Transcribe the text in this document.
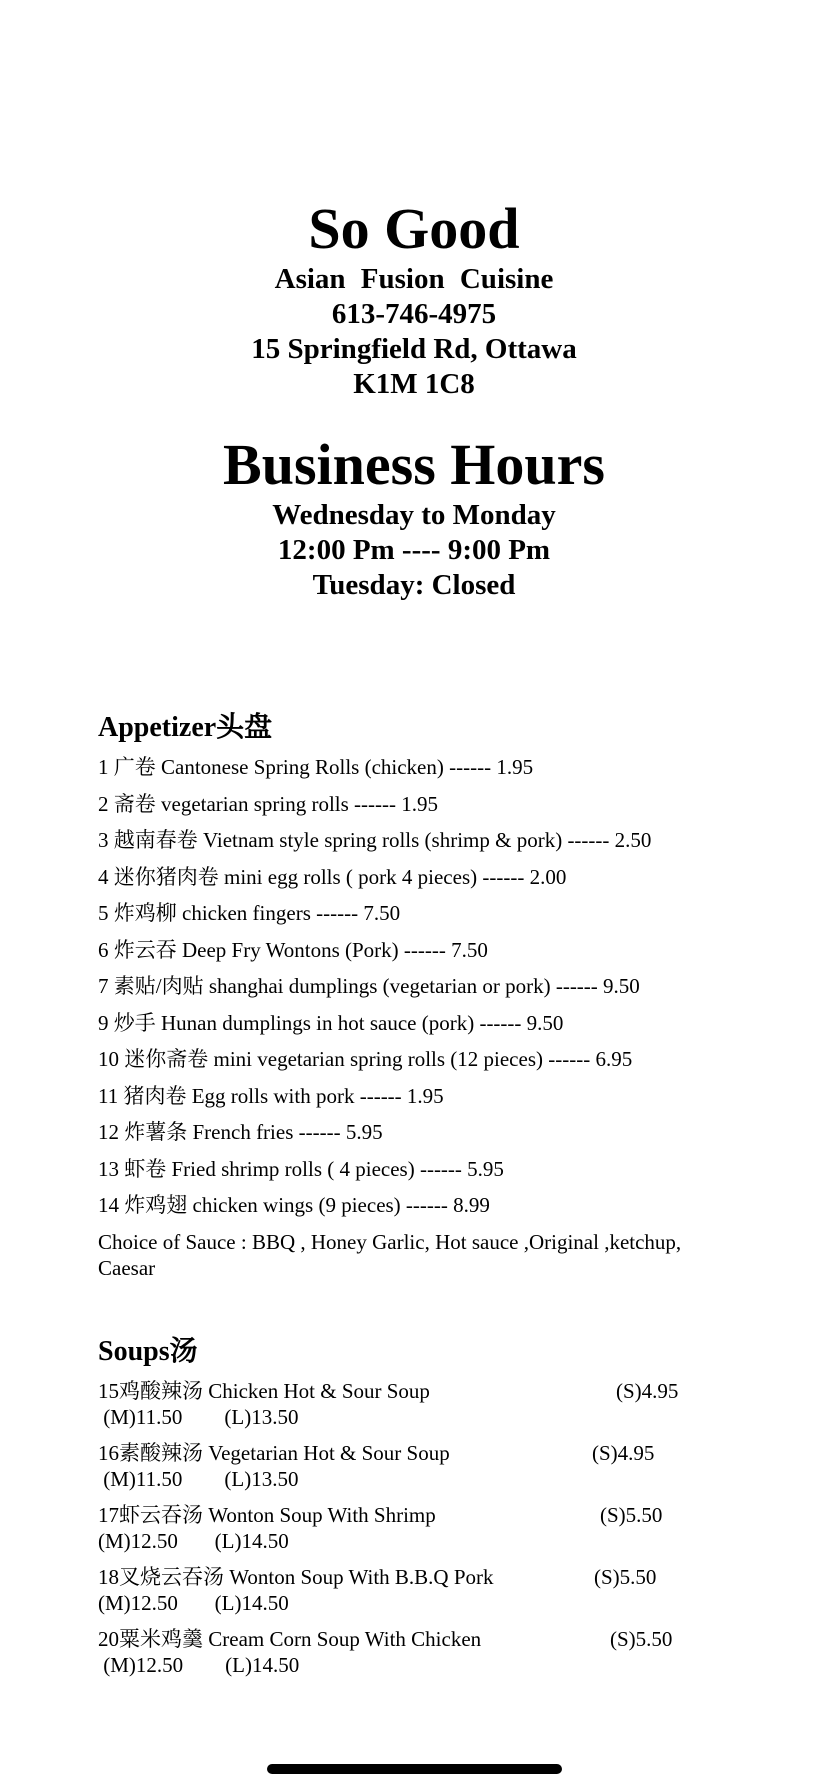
So Good
Asian Fusion Cuisine
613-746-4975
15 Springfield Rd, Ottawa
K1M 1C8
Business Hours
Wednesday to Monday
12:00 Pm ---- 9:00 Pm
Tuesday: Closed
Appetizer头盘
1 广卷 Cantonese Spring Rolls (chicken) ------ 1.95
2 斋卷 vegetarian spring rolls ------ 1.95
3 越南春卷 Vietnam style spring rolls (shrimp & pork) ------ 2.50
4 迷你猪肉卷 mini egg rolls ( pork 4 pieces) ------ 2.00
5 炸鸡柳 chicken fingers ------ 7.50
6 炸云吞 Deep Fry Wontons (Pork) ------ 7.50
7 素贴/肉贴 shanghai dumplings (vegetarian or pork) ------ 9.50
9 炒手 Hunan dumplings in hot sauce (pork) ------ 9.50
10 迷你斋卷 mini vegetarian spring rolls (12 pieces) ------ 6.95
11 猪肉卷 Egg rolls with pork ------ 1.95
12 炸薯条 French fries ------ 5.95
13 虾卷 Fried shrimp rolls ( 4 pieces) ------ 5.95
14 炸鸡翅 chicken wings (9 pieces) ------ 8.99
Choice of Sauce : BBQ , Honey Garlic, Hot sauce ,Original ,ketchup, Caesar
Soups汤
15鸡酸辣汤 Chicken Hot & Sour Soup	(S)4.95
(M)11.50        (L)13.50
16素酸辣汤 Vegetarian Hot & Sour Soup	(S)4.95
(M)11.50        (L)13.50
17虾云吞汤 Wonton Soup With Shrimp	(S)5.50
(M)12.50       (L)14.50
18叉烧云吞汤 Wonton Soup With B.B.Q Pork	(S)5.50
(M)12.50       (L)14.50
20粟米鸡羹 Cream Corn Soup With Chicken	(S)5.50
(M)12.50        (L)14.50
